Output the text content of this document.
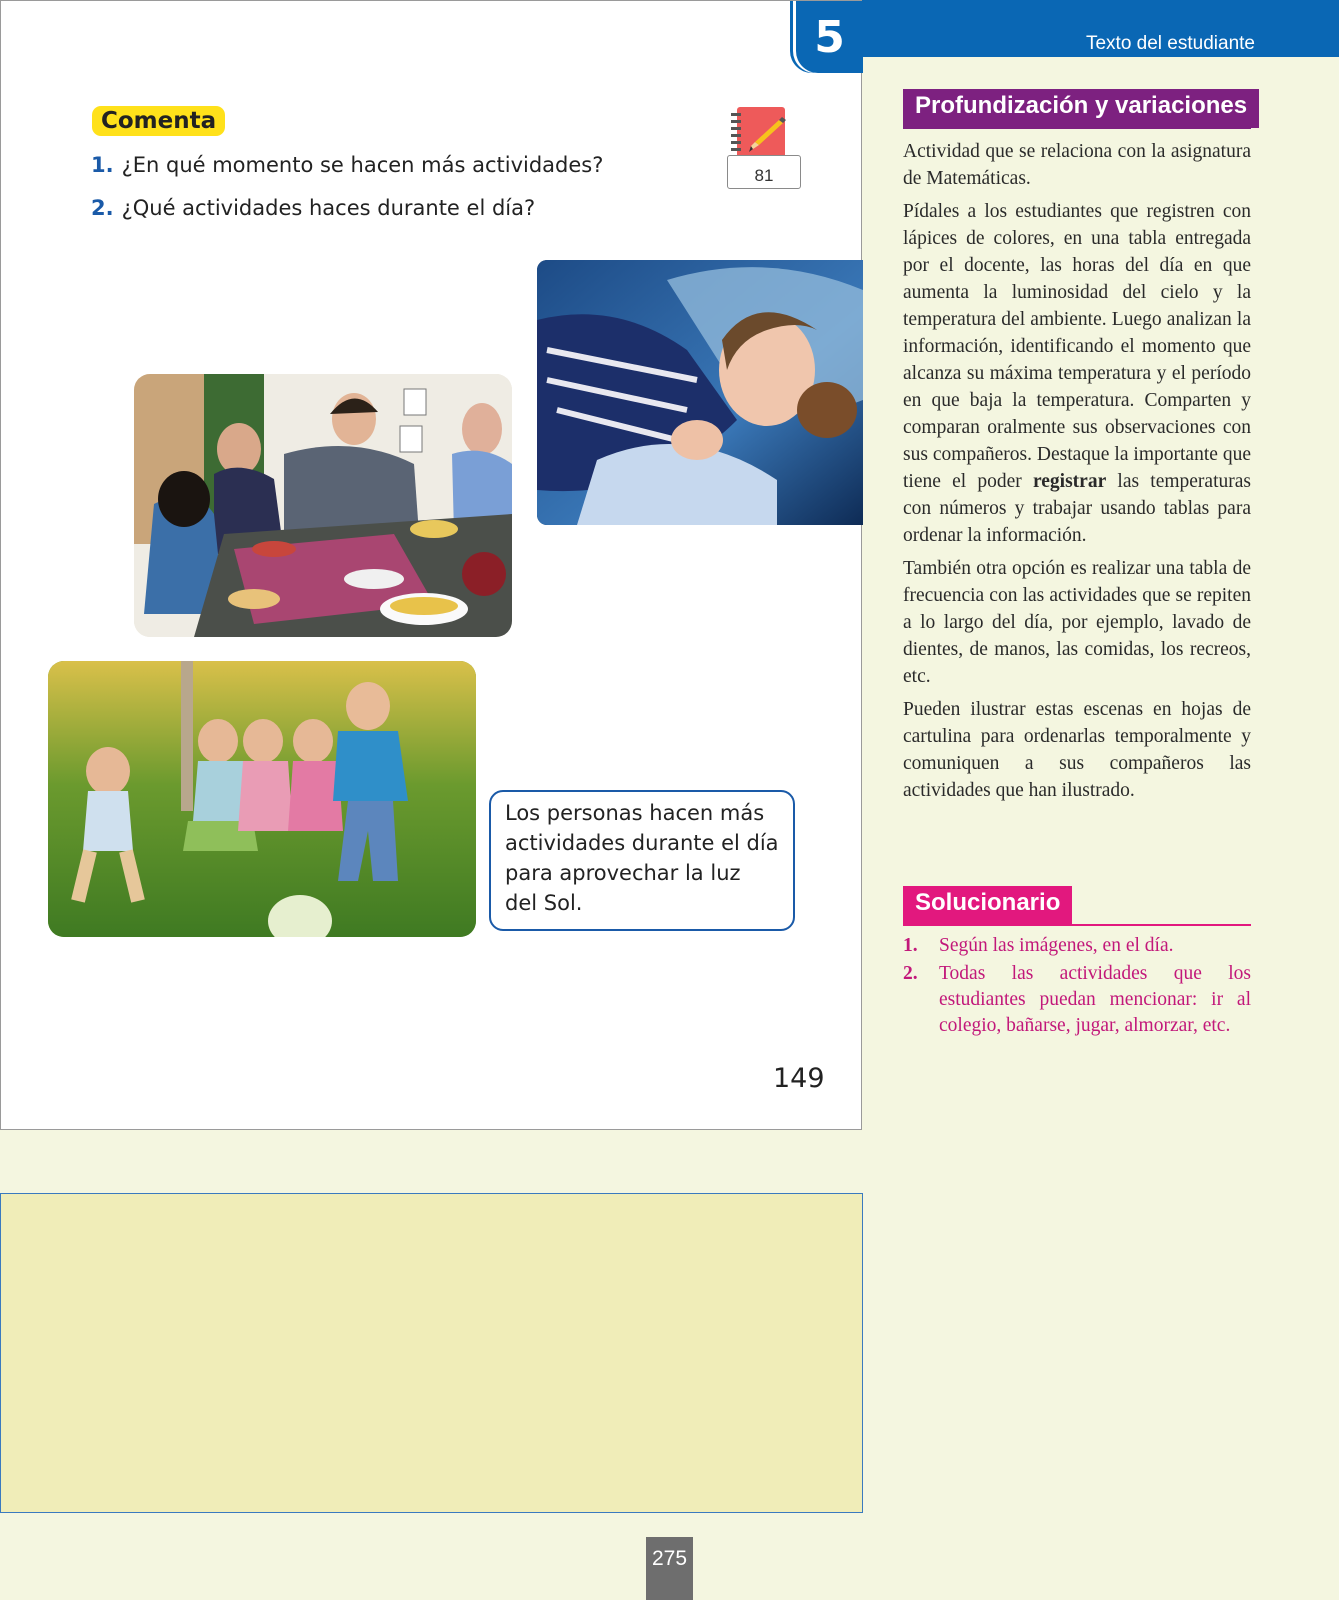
Texto del estudiante
5
Comenta
1. ¿En qué momento se hacen más actividades?
2. ¿Qué actividades haces durante el día?
81
Los personas hacen más actividades durante el día para aprovechar la luz del Sol.
149
Profundización y variaciones

Actividad que se relaciona con la asignatura de Matemáticas.

Pídales a los estudiantes que registren con lápices de colores, en una tabla entregada por el docente, las horas del día en que aumenta la luminosidad del cielo y la temperatura del ambiente. Luego analizan la información, identificando el momento que alcanza su máxima temperatura y el período en que baja la temperatura. Comparten y comparan oralmente sus observaciones con sus compañeros. Destaque la importante que tiene el poder registrar las temperaturas con números y trabajar usando tablas para ordenar la información.

También otra opción es realizar una tabla de frecuencia con las actividades que se repiten a lo largo del día, por ejemplo, lavado de dientes, de manos, las comidas, los recreos, etc.

Pueden ilustrar estas escenas en hojas de cartulina para ordenarlas temporalmente y comuniquen a sus compañeros las actividades que han ilustrado.

Solucionario
1.	Según las imágenes, en el día.
2.	Todas las actividades que los estudiantes puedan mencionar: ir al colegio, bañarse, jugar, almorzar, etc.
275
